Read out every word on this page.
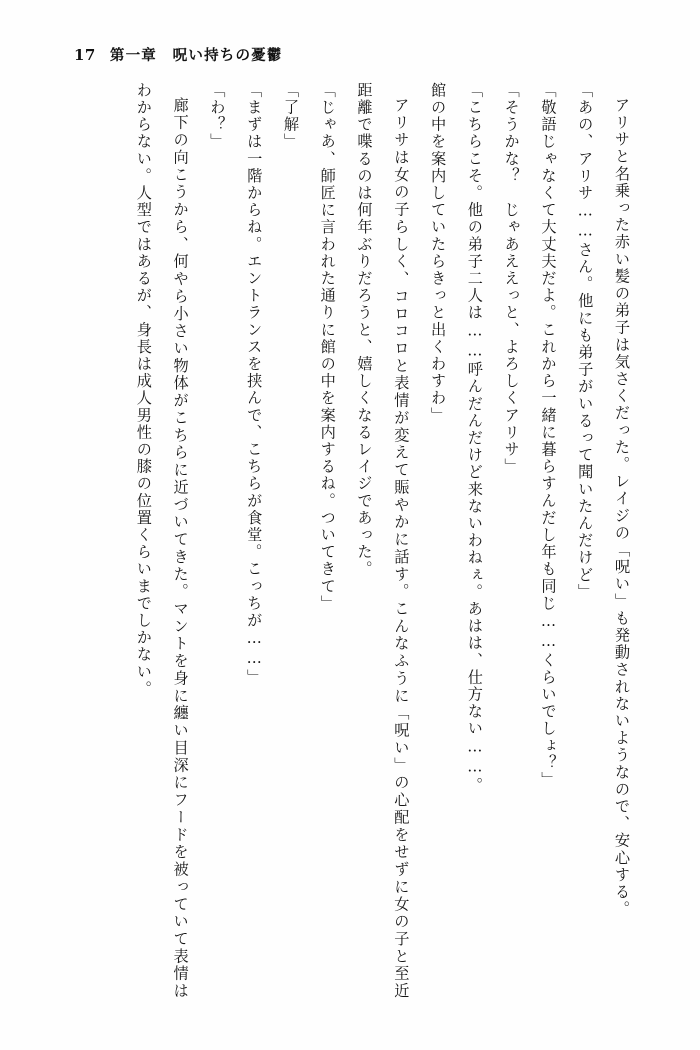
17 第一章　呪い持ちの憂鬱

アリサと名乗った赤い髪の弟子は気さくだった。レイジの「呪い」も発動されないようなので、安心する。

「あの、アリサ……さん。他にも弟子がいるって聞いたんだけど」

「敬語じゃなくて大丈夫だよ。これから一緒に暮らすんだし年も同じ……くらいでしょ？」

「そうかな？　じゃあええっと、よろしくアリサ」

「こちらこそ。他の弟子二人は……呼んだんだけど来ないわねぇ。あはは、仕方ない……。

館の中を案内していたらきっと出くわすわ」

アリサは女の子らしく、コロコロと表情が変えて賑やかに話す。こんなふうに「呪い」の心配をせずに女の子と至近距離で喋るのは何年ぶりだろうと、嬉しくなるレイジであった。

「じゃあ、師匠に言われた通りに館の中を案内するね。ついてきて」

「了解」

「まずは一階からね。エントランスを挟んで、こちらが食堂。こっちが……」

「わ？」

廊下の向こうから、何やら小さい物体がこちらに近づいてきた。マントを身に纏い目深にフードを被っていて表情はわからない。人型ではあるが、身長は成人男性の膝の位置くらいまでしかない。
